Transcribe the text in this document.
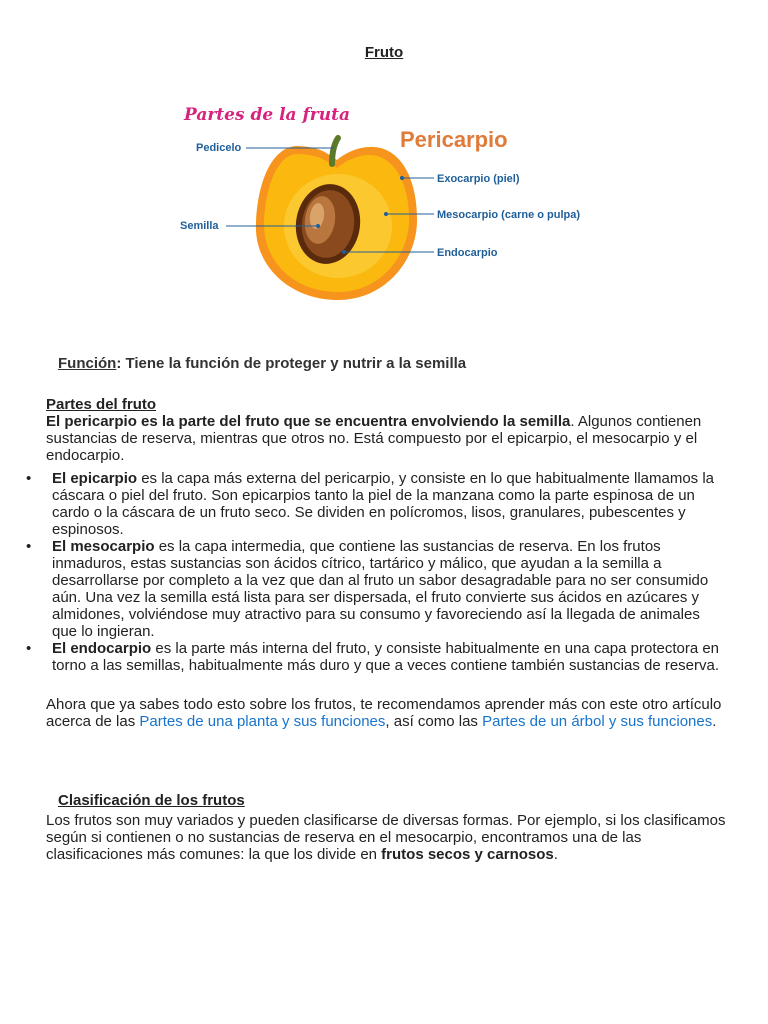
Fruto
Partes de la fruta
Pericarpio
Pedicelo
Semilla
Exocarpio (piel)
Mesocarpio (carne o pulpa)
Endocarpio
Función: Tiene la función de proteger y nutrir a la semilla
Partes del fruto
El pericarpio es la parte del fruto que se encuentra envolviendo la semilla. Algunos contienen sustancias de reserva, mientras que otros no. Está compuesto por el epicarpio, el mesocarpio y el endocarpio.
• El epicarpio es la capa más externa del pericarpio, y consiste en lo que habitualmente llamamos la cáscara o piel del fruto. Son epicarpios tanto la piel de la manzana como la parte espinosa de un cardo o la cáscara de un fruto seco. Se dividen en polícromos, lisos, granulares, pubescentes y espinosos.
• El mesocarpio es la capa intermedia, que contiene las sustancias de reserva. En los frutos inmaduros, estas sustancias son ácidos cítrico, tartárico y málico, que ayudan a la semilla a desarrollarse por completo a la vez que dan al fruto un sabor desagradable para no ser consumido aún. Una vez la semilla está lista para ser dispersada, el fruto convierte sus ácidos en azúcares y almidones, volviéndose muy atractivo para su consumo y favoreciendo así la llegada de animales que lo ingieran.
• El endocarpio es la parte más interna del fruto, y consiste habitualmente en una capa protectora en torno a las semillas, habitualmente más duro y que a veces contiene también sustancias de reserva.
Ahora que ya sabes todo esto sobre los frutos, te recomendamos aprender más con este otro artículo acerca de las Partes de una planta y sus funciones, así como las Partes de un árbol y sus funciones.
Clasificación de los frutos
Los frutos son muy variados y pueden clasificarse de diversas formas. Por ejemplo, si los clasificamos según si contienen o no sustancias de reserva en el mesocarpio, encontramos una de las clasificaciones más comunes: la que los divide en frutos secos y carnosos.
